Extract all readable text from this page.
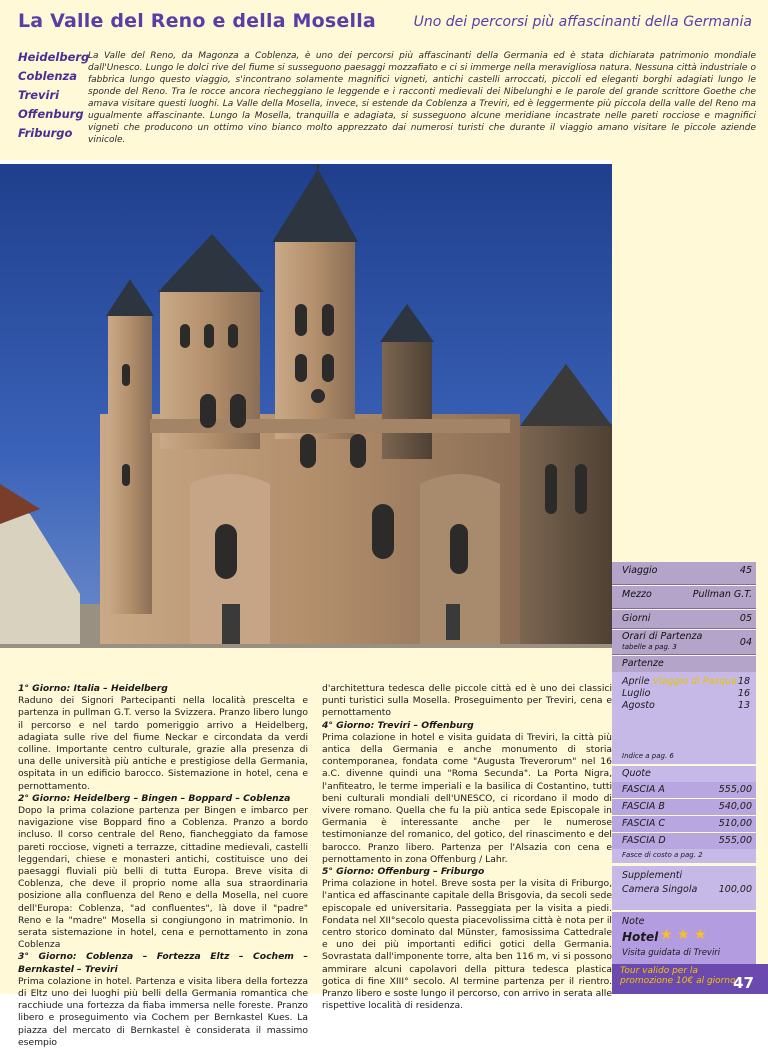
La Valle del Reno e della Mosella	Uno dei percorsi più affascinanti della Germania
Heidelberg
Coblenza
Treviri
Offenburg
Friburgo
La Valle del Reno, da Magonza a Coblenza, è uno dei percorsi più affascinanti della Germania ed è stata dichiarata patrimonio mondiale dall'Unesco. Lungo le dolci rive del fiume si susseguono paesaggi mozzafiato e ci si immerge nella meravigliosa natura. Nessuna città industriale o fabbrica lungo questo viaggio, s'incontrano solamente magnifici vigneti, antichi castelli arroccati, piccoli ed eleganti borghi adagiati lungo le sponde del Reno. Tra le rocce ancora riecheggiano le leggende e i racconti medievali dei Nibelunghi e le parole del grande scrittore Goethe che amava visitare questi luoghi. La Valle della Mosella, invece, si estende da Coblenza a Treviri, ed è leggermente più piccola della valle del Reno ma ugualmente affascinante. Lungo la Mosella, tranquilla e adagiata, si susseguono alcune meridiane incastrate nelle pareti rocciose e magnifici vigneti che producono un ottimo vino bianco molto apprezzato dai numerosi turisti che durante il viaggio amano visitare le piccole aziende vinicole.
Viaggio	45
Mezzo	Pullman G.T.
Giorni	05
Orari di Partenza
tabelle a pag. 3	04
Partenze
Aprile Viaggio di Pasqua 18
Luglio	16
Agosto	13
Indice a pag. 6
Quote
FASCIA A	555,00
FASCIA B	540,00
FASCIA C	510,00
FASCIA D	555,00
Fasce di costo a pag. 2
Supplementi
Camera Singola 100,00
Note
Hotel ★ ★ ★
Visita guidata di Treviri
Tour valido per la promozione 10€ al giorno
47
1° Giorno: Italia – Heidelberg
Raduno dei Signori Partecipanti nella località prescelta e partenza in pullman G.T. verso la Svizzera. Pranzo libero lungo il percorso e nel tardo pomeriggio arrivo a Heidelberg, adagiata sulle rive del fiume Neckar e circondata da verdi colline. Importante centro culturale, grazie alla presenza di una delle università più antiche e prestigiose della Germania, ospitata in un edificio barocco. Sistemazione in hotel, cena e pernottamento.
2° Giorno: Heidelberg – Bingen – Boppard – Coblenza
Dopo la prima colazione partenza per Bingen e imbarco per navigazione vise Boppard fino a Coblenza. Pranzo a bordo incluso. Il corso centrale del Reno, fiancheggiato da famose pareti rocciose, vigneti a terrazze, cittadine medievali, castelli leggendari, chiese e monasteri antichi, costituisce uno dei paesaggi fluviali più belli di tutta Europa. Breve visita di Coblenza, che deve il proprio nome alla sua straordinaria posizione alla confluenza del Reno e della Mosella, nel cuore dell'Europa: Coblenza, "ad confluentes", là dove il "padre" Reno e la "madre" Mosella si congiungono in matrimonio. In serata sistemazione in hotel, cena e pernottamento in zona Coblenza
3° Giorno: Coblenza – Fortezza Eltz – Cochem – Bernkastel – Treviri
Prima colazione in hotel. Partenza e visita libera della fortezza di Eltz uno dei luoghi più belli della Germania romantica che racchiude una fortezza da fiaba immersa nelle foreste. Pranzo libero e proseguimento via Cochem per Bernkastel Kues. La piazza del mercato di Bernkastel è considerata il massimo esempio
d'architettura tedesca delle piccole città ed è uno dei classici punti turistici sulla Mosella. Proseguimento per Treviri, cena e pernottamento
4° Giorno: Treviri – Offenburg
Prima colazione in hotel e visita guidata di Treviri, la città più antica della Germania e anche monumento di storia contemporanea, fondata come "Augusta Treverorum" nel 16 a.C. divenne quindi una "Roma Secunda". La Porta Nigra, l'anfiteatro, le terme imperiali e la basilica di Costantino, tutti beni culturali mondiali dell'UNESCO, ci ricordano il modo di vivere romano. Quella che fu la più antica sede Episcopale in Germania è interessante anche per le numerose testimonianze del romanico, del gotico, del rinascimento e del barocco. Pranzo libero. Partenza per l'Alsazia con cena e pernottamento in zona Offenburg / Lahr.
5° Giorno: Offenburg – Friburgo
Prima colazione in hotel. Breve sosta per la visita di Friburgo, l'antica ed affascinante capitale della Brisgovia, da secoli sede episcopale ed universitaria. Passeggiata per la visita a piedi. Fondata nel XII°secolo questa piacevolissima città è nota per il centro storico dominato dal Münster, famosissima Cattedrale e uno dei più importanti edifici gotici della Germania. Sovrastata dall'imponente torre, alta ben 116 m, vi si possono ammirare alcuni capolavori della pittura tedesca plastica gotica di fine XIII° secolo. Al termine partenza per il rientro. Pranzo libero e soste lungo il percorso, con arrivo in serata alle rispettive località di residenza.
